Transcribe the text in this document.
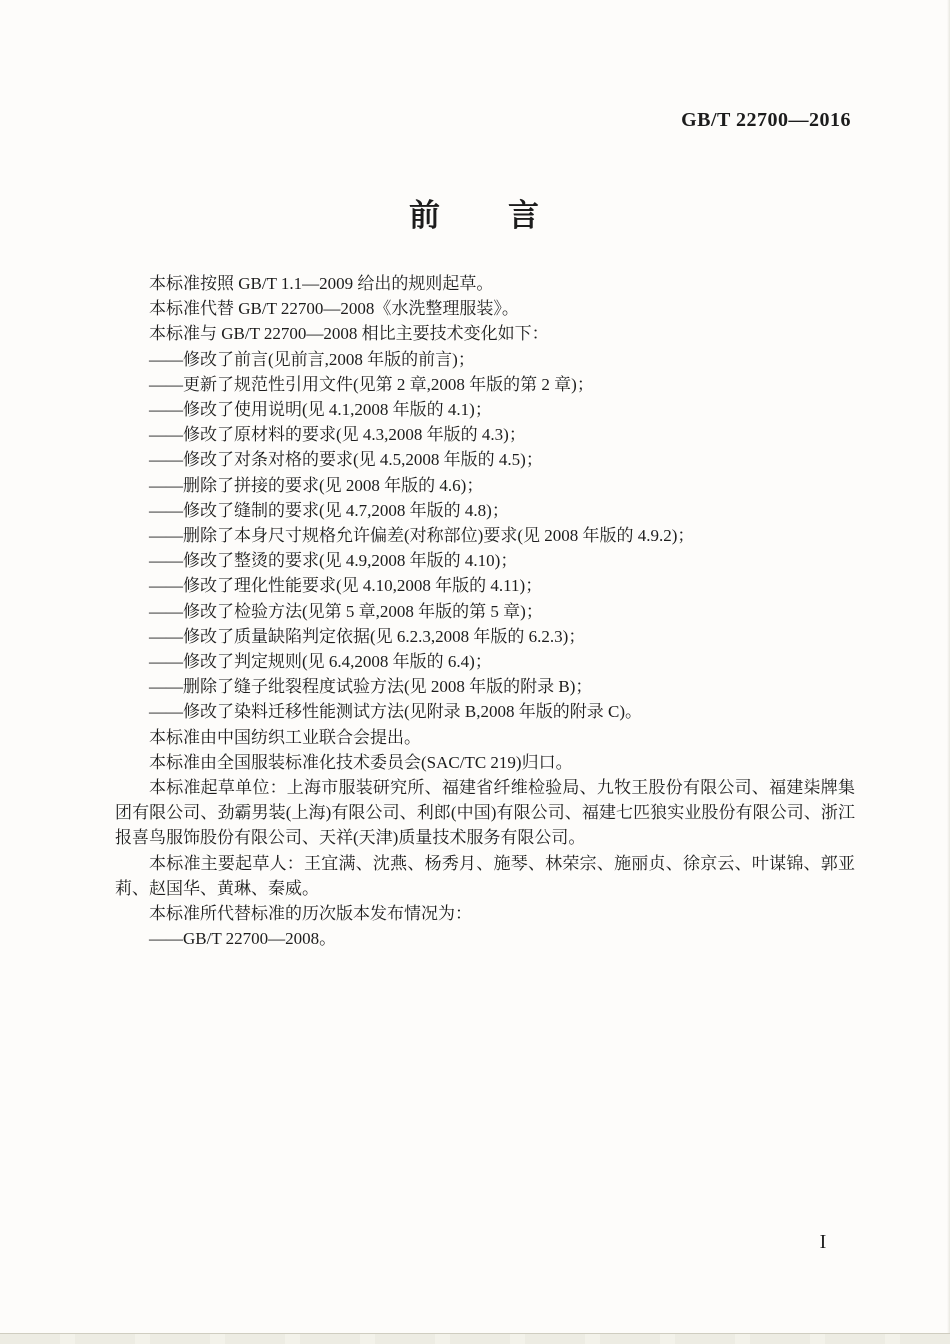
GB/T 22700—2016
前　　言

本标准按照 GB/T 1.1—2009 给出的规则起草。

本标准代替 GB/T 22700—2008《水洗整理服装》。

本标准与 GB/T 22700—2008 相比主要技术变化如下：

——修改了前言(见前言,2008 年版的前言)；

——更新了规范性引用文件(见第 2 章,2008 年版的第 2 章)；

——修改了使用说明(见 4.1,2008 年版的 4.1)；

——修改了原材料的要求(见 4.3,2008 年版的 4.3)；

——修改了对条对格的要求(见 4.5,2008 年版的 4.5)；

——删除了拼接的要求(见 2008 年版的 4.6)；

——修改了缝制的要求(见 4.7,2008 年版的 4.8)；

——删除了本身尺寸规格允许偏差(对称部位)要求(见 2008 年版的 4.9.2)；

——修改了整烫的要求(见 4.9,2008 年版的 4.10)；

——修改了理化性能要求(见 4.10,2008 年版的 4.11)；

——修改了检验方法(见第 5 章,2008 年版的第 5 章)；

——修改了质量缺陷判定依据(见 6.2.3,2008 年版的 6.2.3)；

——修改了判定规则(见 6.4,2008 年版的 6.4)；

——删除了缝子纰裂程度试验方法(见 2008 年版的附录 B)；

——修改了染料迁移性能测试方法(见附录 B,2008 年版的附录 C)。

本标准由中国纺织工业联合会提出。

本标准由全国服装标准化技术委员会(SAC/TC 219)归口。

本标准起草单位：上海市服装研究所、福建省纤维检验局、九牧王股份有限公司、福建柒牌集团有限公司、劲霸男装(上海)有限公司、利郎(中国)有限公司、福建七匹狼实业股份有限公司、浙江报喜鸟服饰股份有限公司、天祥(天津)质量技术服务有限公司。

本标准主要起草人：王宜满、沈燕、杨秀月、施琴、林荣宗、施丽贞、徐京云、叶谋锦、郭亚莉、赵国华、黄琳、秦威。

本标准所代替标准的历次版本发布情况为：

——GB/T 22700—2008。

I
